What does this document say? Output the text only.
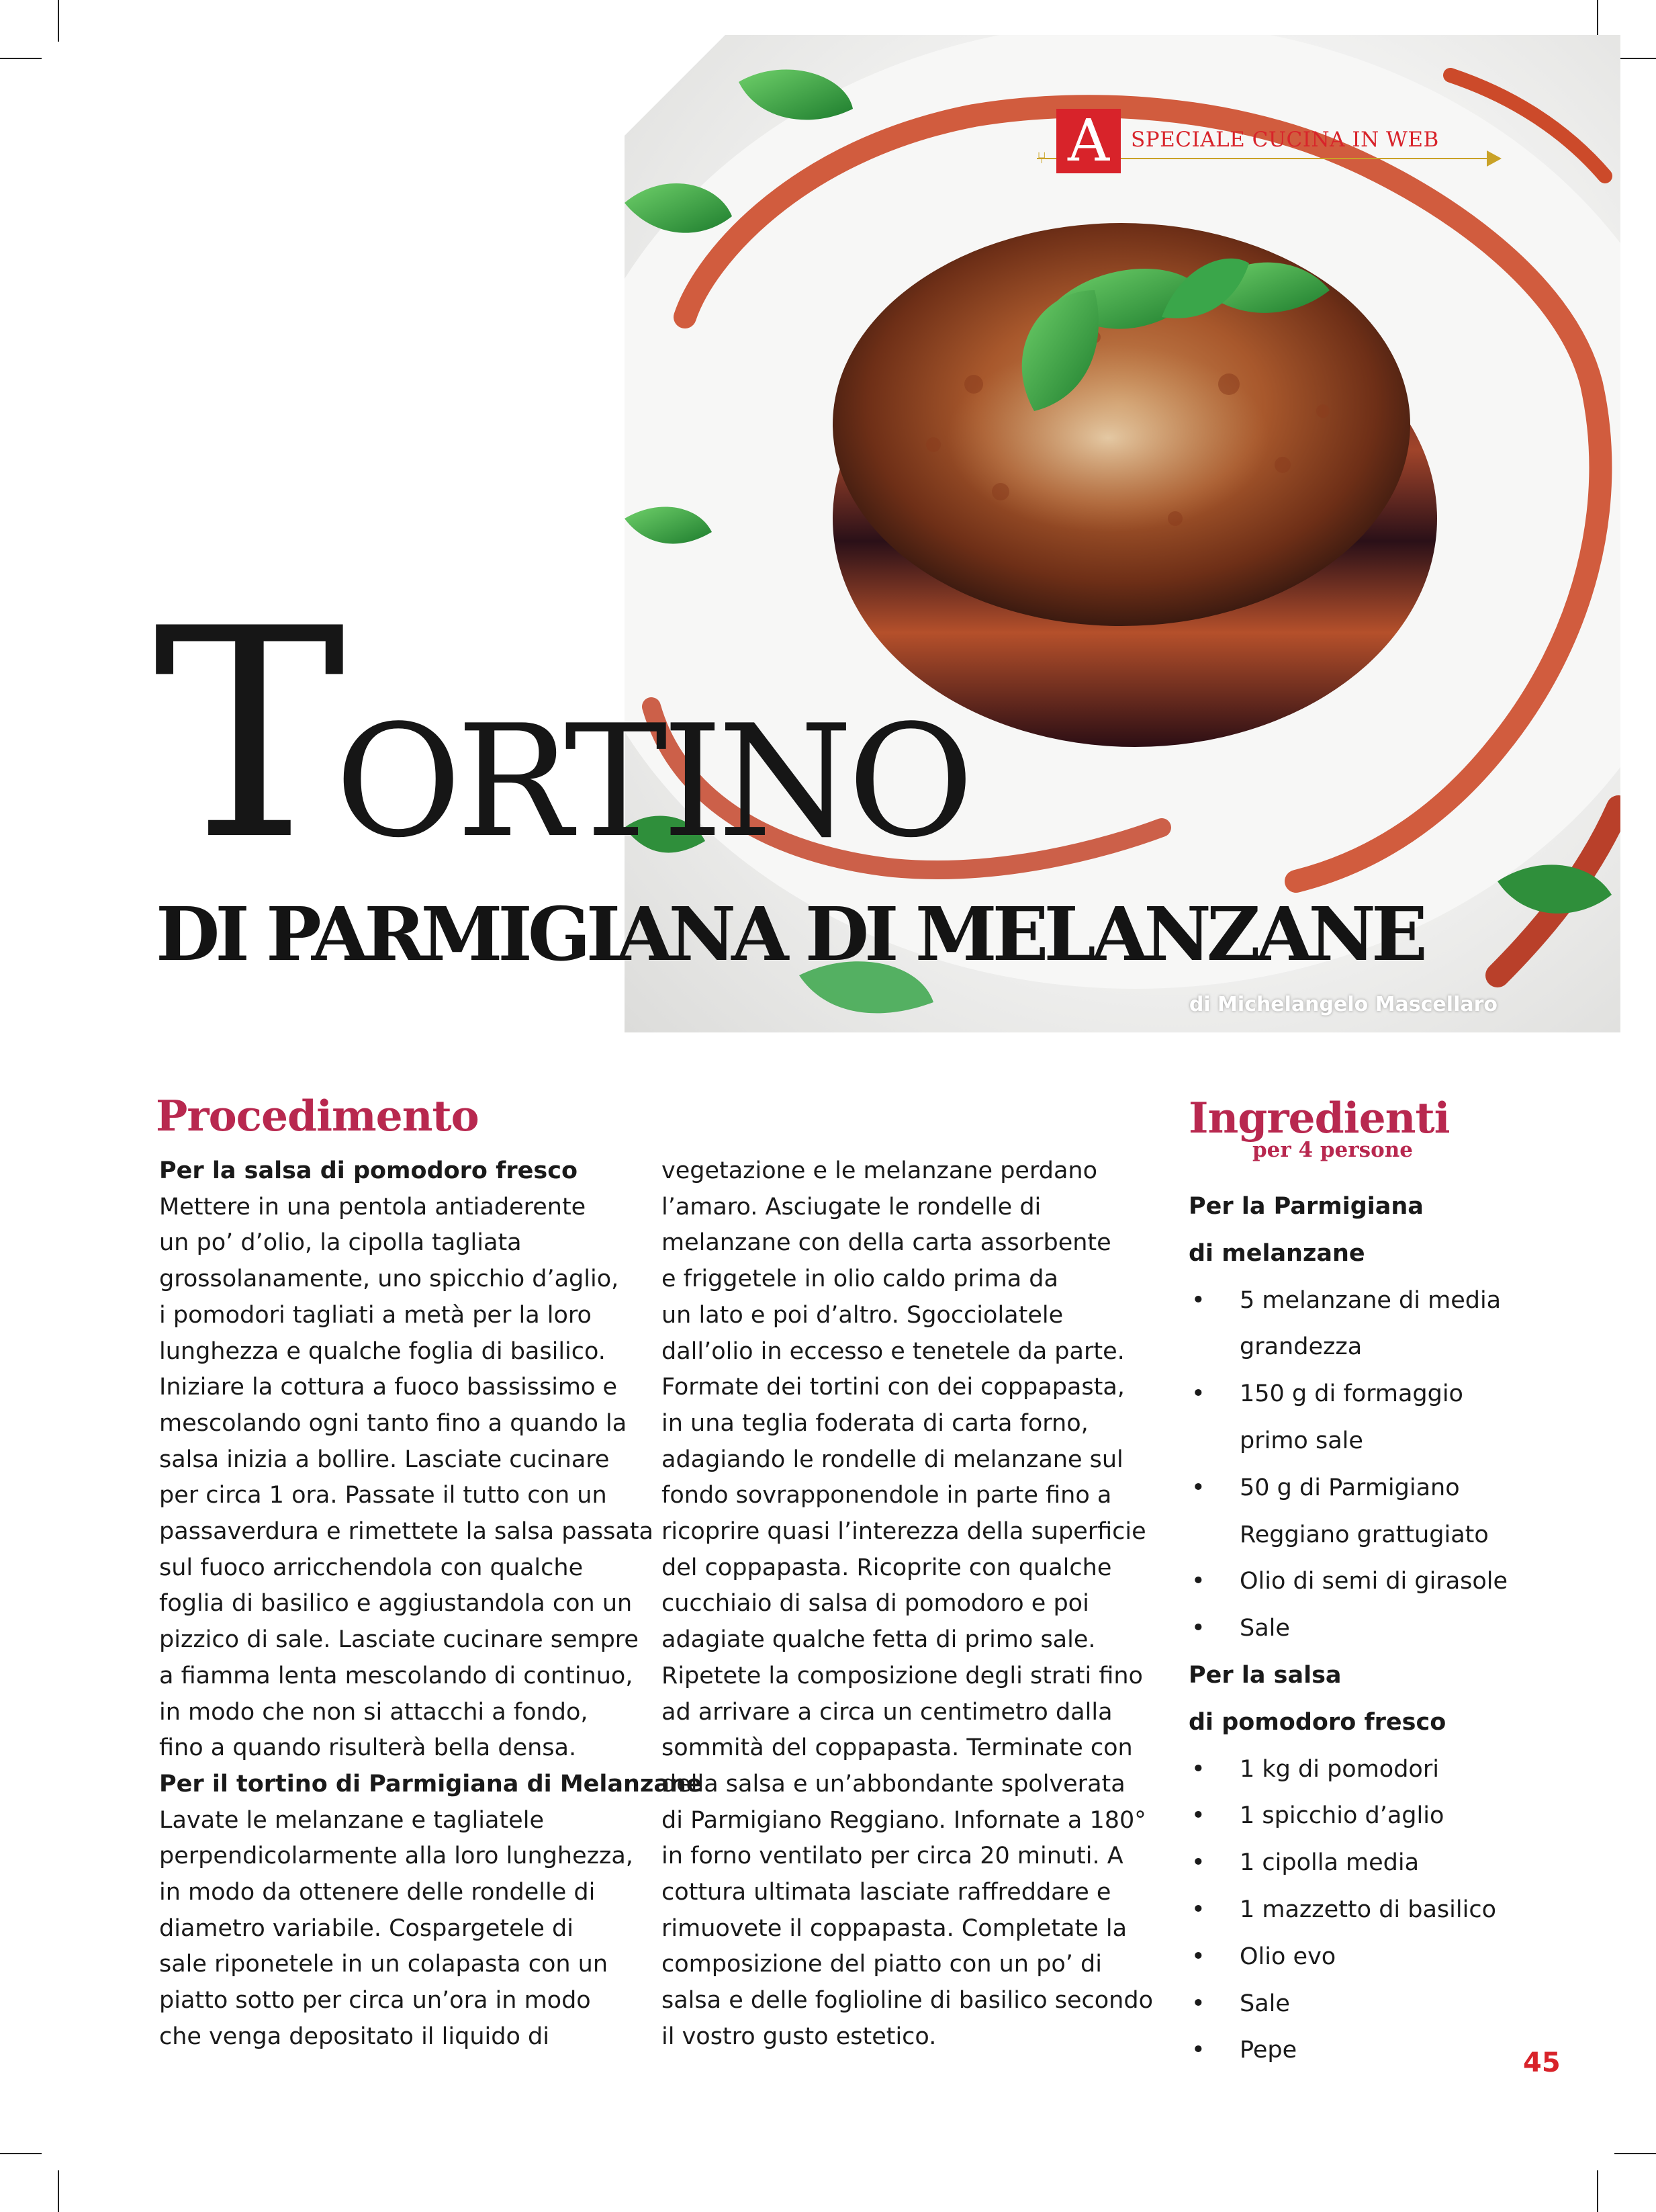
⑂ A	SPECIALE CUCINA IN WEB
TORTINO
DI PARMIGIANA DI MELANZANE
di Michelangelo Mascellaro
Procedimento

Per la salsa di pomodoro fresco

Mettere in una pentola antiaderente

un po’ d’olio, la cipolla tagliata

grossolanamente, uno spicchio d’aglio,

i pomodori tagliati a metà per la loro

lunghezza e qualche foglia di basilico.

Iniziare la cottura a fuoco bassissimo e

mescolando ogni tanto fino a quando la

salsa inizia a bollire. Lasciate cucinare

per circa 1 ora. Passate il tutto con un

passaverdura e rimettete la salsa passata

sul fuoco arricchendola con qualche

foglia di basilico e aggiustandola con un

pizzico di sale. Lasciate cucinare sempre

a fiamma lenta mescolando di continuo,

in modo che non si attacchi a fondo,

fino a quando risulterà bella densa.

Per il tortino di Parmigiana di Melanzane

Lavate le melanzane e tagliatele

perpendicolarmente alla loro lunghezza,

in modo da ottenere delle rondelle di

diametro variabile. Cospargetele di

sale riponetele in un colapasta con un

piatto sotto per circa un’ora in modo

che venga depositato il liquido di

vegetazione e le melanzane perdano

l’amaro. Asciugate le rondelle di

melanzane con della carta assorbente

e friggetele in olio caldo prima da

un lato e poi d’altro. Sgocciolatele

dall’olio in eccesso e tenetele da parte.

Formate dei tortini con dei coppapasta,

in una teglia foderata di carta forno,

adagiando le rondelle di melanzane sul

fondo sovrapponendole in parte fino a

ricoprire quasi l’interezza della superficie

del coppapasta. Ricoprite con qualche

cucchiaio di salsa di pomodoro e poi

adagiate qualche fetta di primo sale.

Ripetete la composizione degli strati fino

ad arrivare a circa un centimetro dalla

sommità del coppapasta. Terminate con

della salsa e un’abbondante spolverata

di Parmigiano Reggiano. Infornate a 180°

in forno ventilato per circa 20 minuti. A

cottura ultimata lasciate raffreddare e

rimuovete il coppapasta. Completate la

composizione del piatto con un po’ di

salsa e delle foglioline di basilico secondo

il vostro gusto estetico.

Ingredienti
per 4 persone
Per la Parmigiana
di melanzane
• 5 melanzane di media
grandezza
• 150 g di formaggio
primo sale
• 50 g di Parmigiano
Reggiano grattugiato
• Olio di semi di girasole
• Sale
Per la salsa
di pomodoro fresco
• 1 kg di pomodori
• 1 spicchio d’aglio
• 1 cipolla media
• 1 mazzetto di basilico
• Olio evo
• Sale
• Pepe	45
